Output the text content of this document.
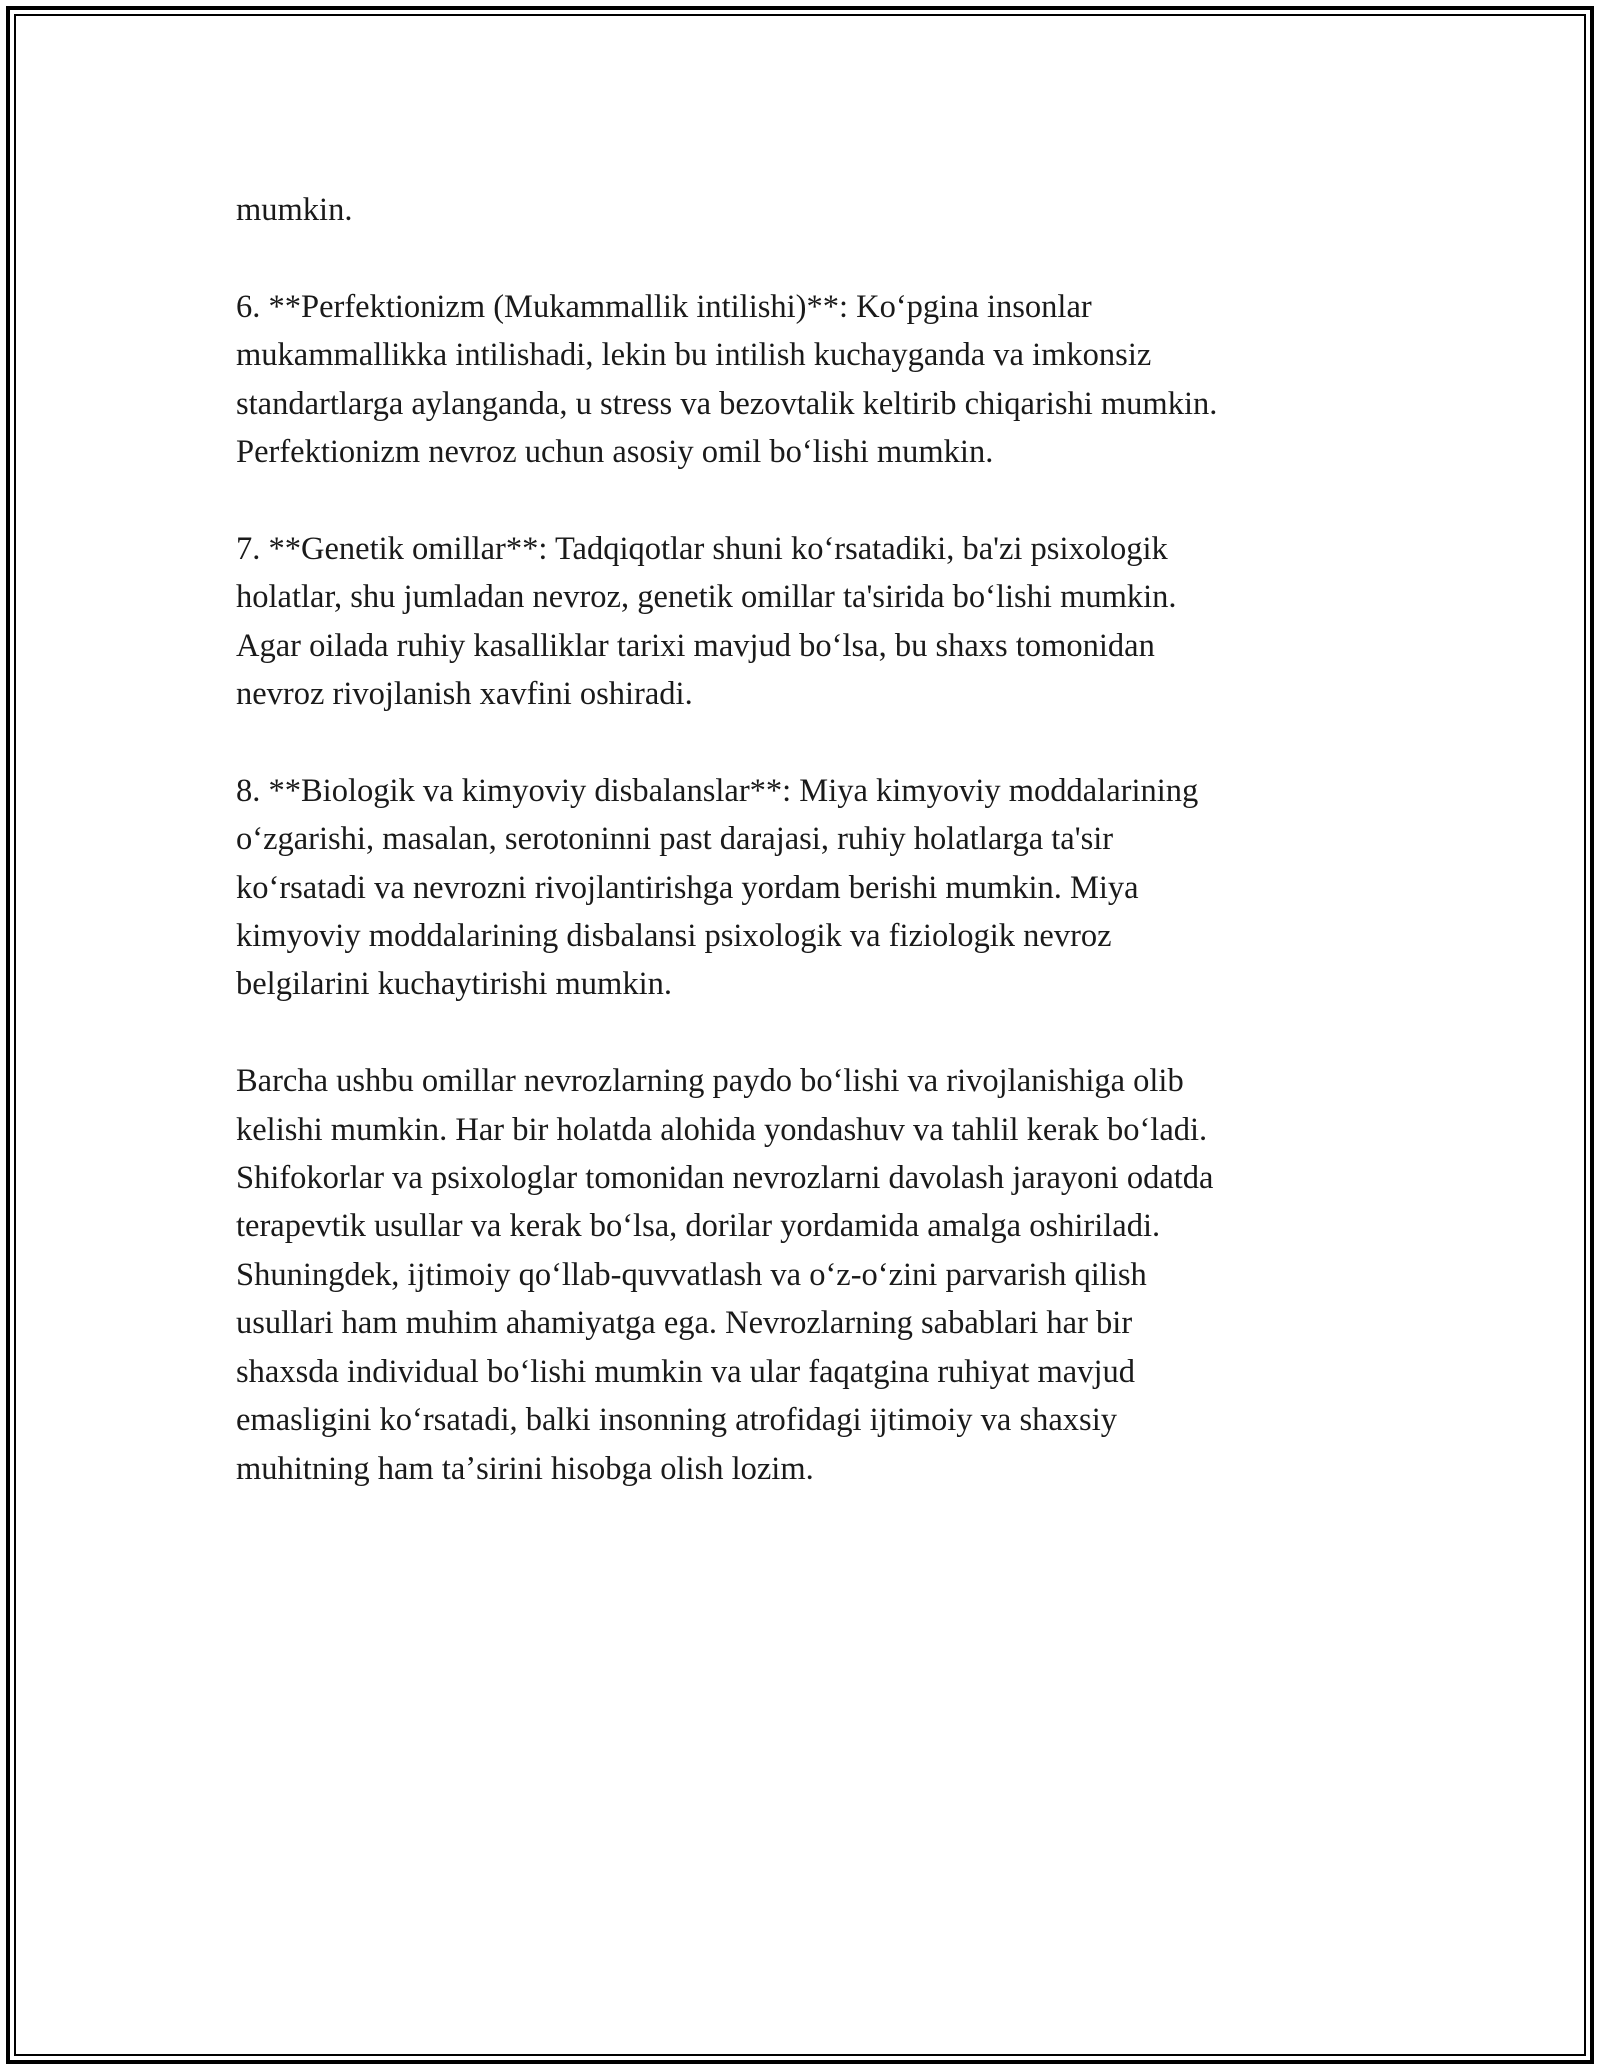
mumkin.

6. **Perfektionizm (Mukammallik intilishi)**: Koʻpgina insonlar
mukammallikka intilishadi, lekin bu intilish kuchayganda va imkonsiz
standartlarga aylanganda, u stress va bezovtalik keltirib chiqarishi mumkin.
Perfektionizm nevroz uchun asosiy omil boʻlishi mumkin.

7. **Genetik omillar**: Tadqiqotlar shuni koʻrsatadiki, ba'zi psixologik
holatlar, shu jumladan nevroz, genetik omillar ta'sirida boʻlishi mumkin.
Agar oilada ruhiy kasalliklar tarixi mavjud boʻlsa, bu shaxs tomonidan
nevroz rivojlanish xavfini oshiradi.

8. **Biologik va kimyoviy disbalanslar**: Miya kimyoviy moddalarining
oʻzgarishi, masalan, serotoninni past darajasi, ruhiy holatlarga ta'sir
koʻrsatadi va nevrozni rivojlantirishga yordam berishi mumkin. Miya
kimyoviy moddalarining disbalansi psixologik va fiziologik nevroz
belgilarini kuchaytirishi mumkin.

Barcha ushbu omillar nevrozlarning paydo boʻlishi va rivojlanishiga olib
kelishi mumkin. Har bir holatda alohida yondashuv va tahlil kerak boʻladi.
Shifokorlar va psixologlar tomonidan nevrozlarni davolash jarayoni odatda
terapevtik usullar va kerak boʻlsa, dorilar yordamida amalga oshiriladi.
Shuningdek, ijtimoiy qoʻllab-quvvatlash va oʻz-oʻzini parvarish qilish
usullari ham muhim ahamiyatga ega. Nevrozlarning sabablari har bir
shaxsda individual boʻlishi mumkin va ular faqatgina ruhiyat mavjud
emasligini koʻrsatadi, balki insonning atrofidagi ijtimoiy va shaxsiy
muhitning ham taʼsirini hisobga olish lozim.
